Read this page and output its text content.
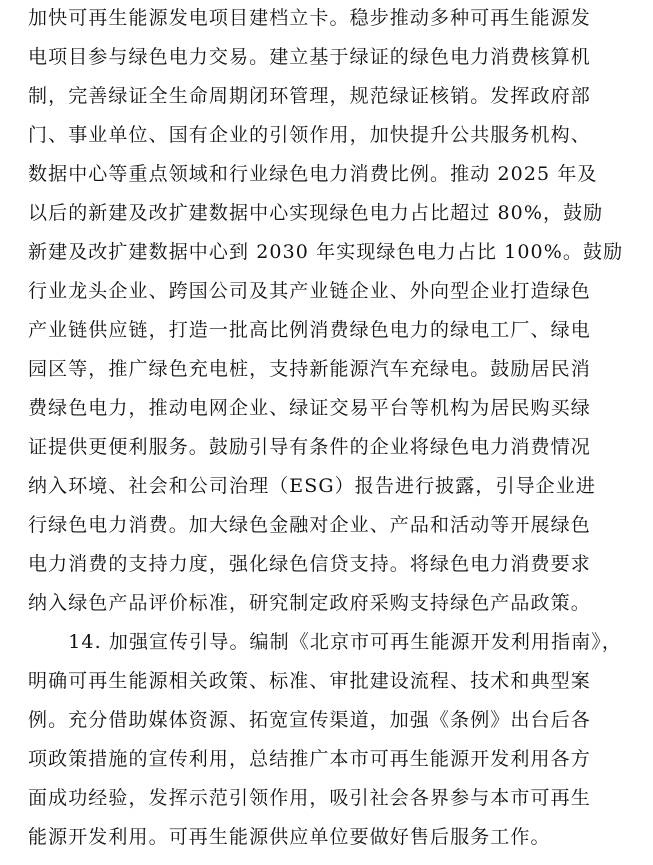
加快可再生能源发电项目建档立卡。稳步推动多种可再生能源发
电项目参与绿色电力交易。建立基于绿证的绿色电力消费核算机
制，完善绿证全生命周期闭环管理，规范绿证核销。发挥政府部
门、事业单位、国有企业的引领作用，加快提升公共服务机构、
数据中心等重点领域和行业绿色电力消费比例。推动 2025 年及
以后的新建及改扩建数据中心实现绿色电力占比超过 80%，鼓励
新建及改扩建数据中心到 2030 年实现绿色电力占比 100%。鼓励
行业龙头企业、跨国公司及其产业链企业、外向型企业打造绿色
产业链供应链，打造一批高比例消费绿色电力的绿电工厂、绿电
园区等，推广绿色充电桩，支持新能源汽车充绿电。鼓励居民消
费绿色电力，推动电网企业、绿证交易平台等机构为居民购买绿
证提供更便利服务。鼓励引导有条件的企业将绿色电力消费情况
纳入环境、社会和公司治理（ESG）报告进行披露，引导企业进
行绿色电力消费。加大绿色金融对企业、产品和活动等开展绿色
电力消费的支持力度，强化绿色信贷支持。将绿色电力消费要求
纳入绿色产品评价标准，研究制定政府采购支持绿色产品政策。
　　14. 加强宣传引导。编制《北京市可再生能源开发利用指南》，
明确可再生能源相关政策、标准、审批建设流程、技术和典型案
例。充分借助媒体资源、拓宽宣传渠道，加强《条例》出台后各
项政策措施的宣传利用，总结推广本市可再生能源开发利用各方
面成功经验，发挥示范引领作用，吸引社会各界参与本市可再生
能源开发利用。可再生能源供应单位要做好售后服务工作。
